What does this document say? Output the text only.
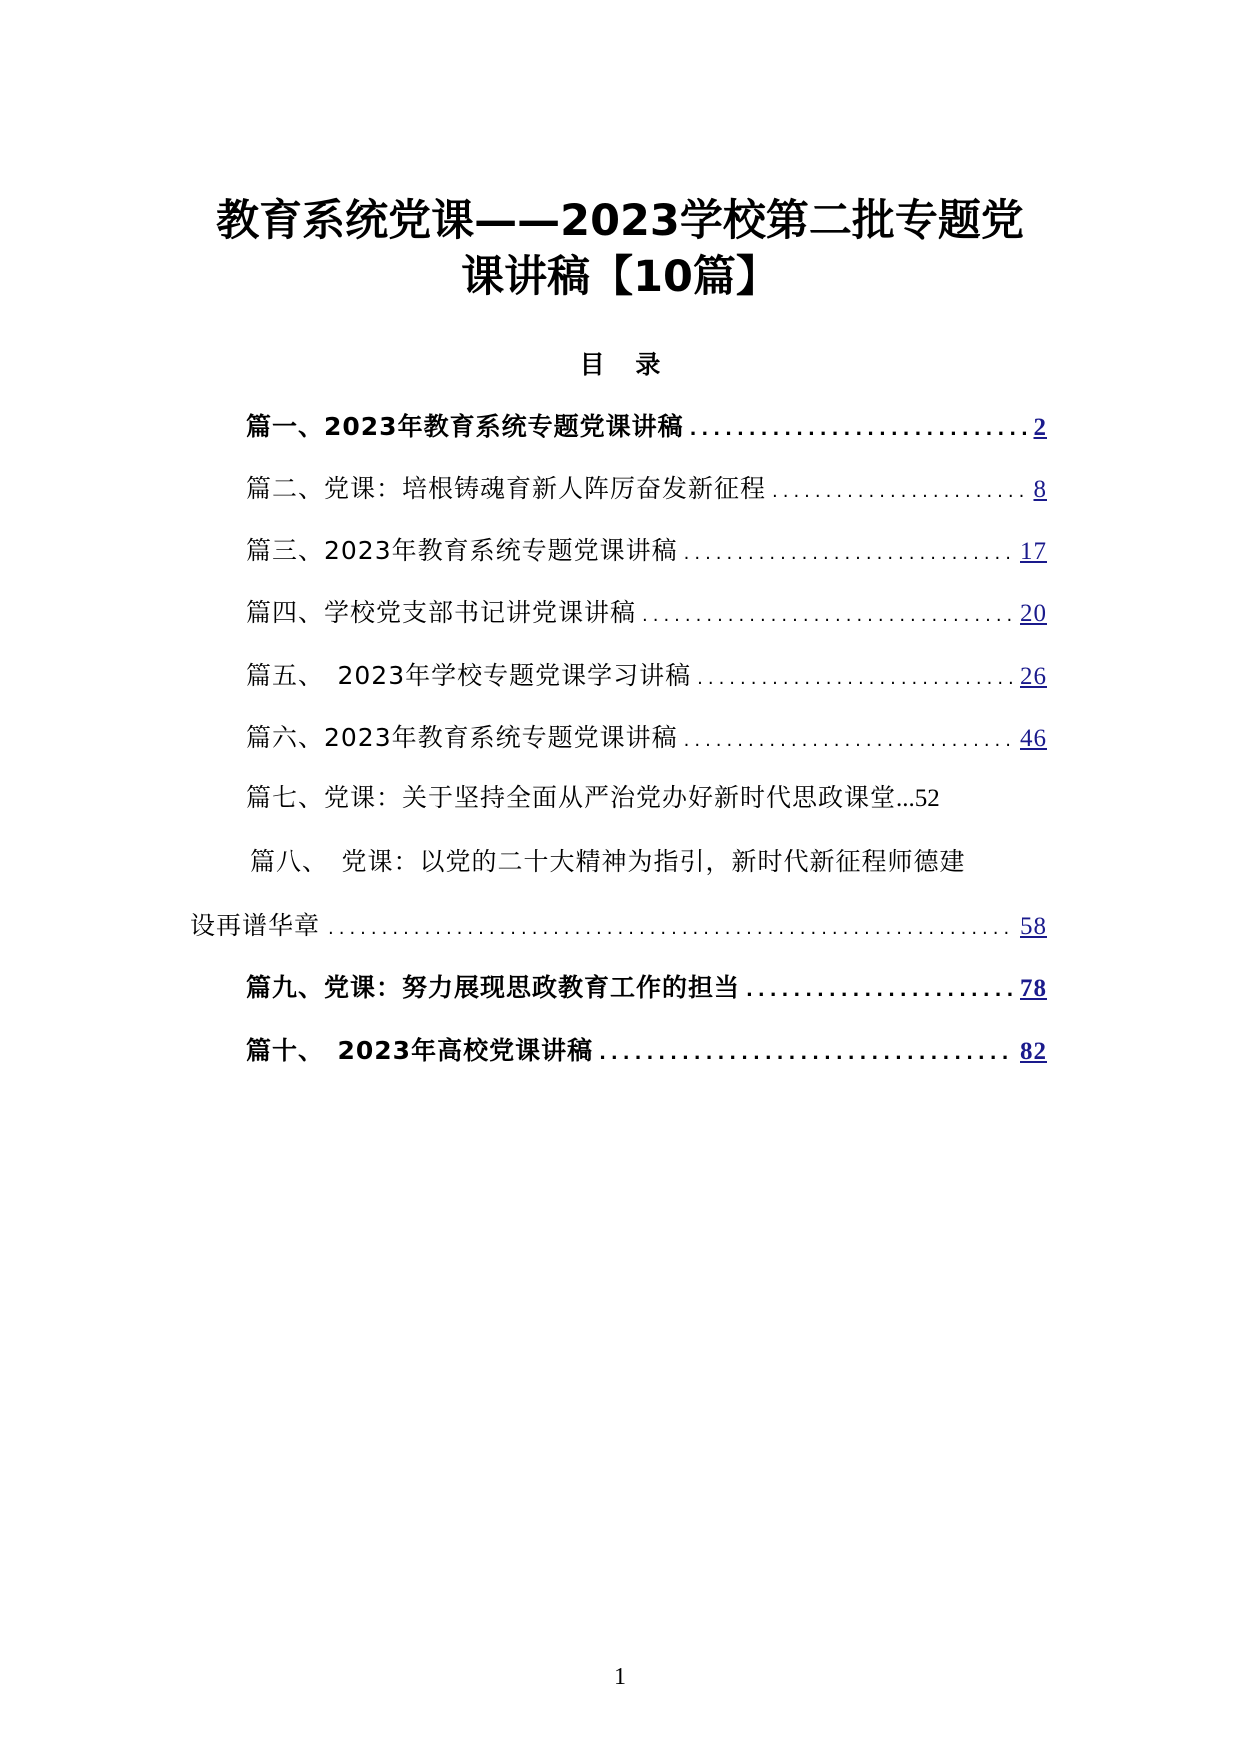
教育系统党课——2023学校第二批专题党
课讲稿【10篇】
目 录
篇一、2023年教育系统专题党课讲稿 .....	2
篇二、党课：培根铸魂育新人阵厉奋发新征程 .....	8
篇三、2023年教育系统专题党课讲稿 .....	17
篇四、学校党支部书记讲党课讲稿 .....	20
篇五、　2023年学校专题党课学习讲稿 .....	26
篇六、2023年教育系统专题党课讲稿 .....	46
篇七、党课：关于坚持全面从严治党办好新时代思政课堂...52
篇八、　党课：以党的二十大精神为指引，新时代新征程师德建
设再谱华章 .....	58
篇九、党课：努力展现思政教育工作的担当 .....	78
篇十、　2023年高校党课讲稿 .....	82
1
